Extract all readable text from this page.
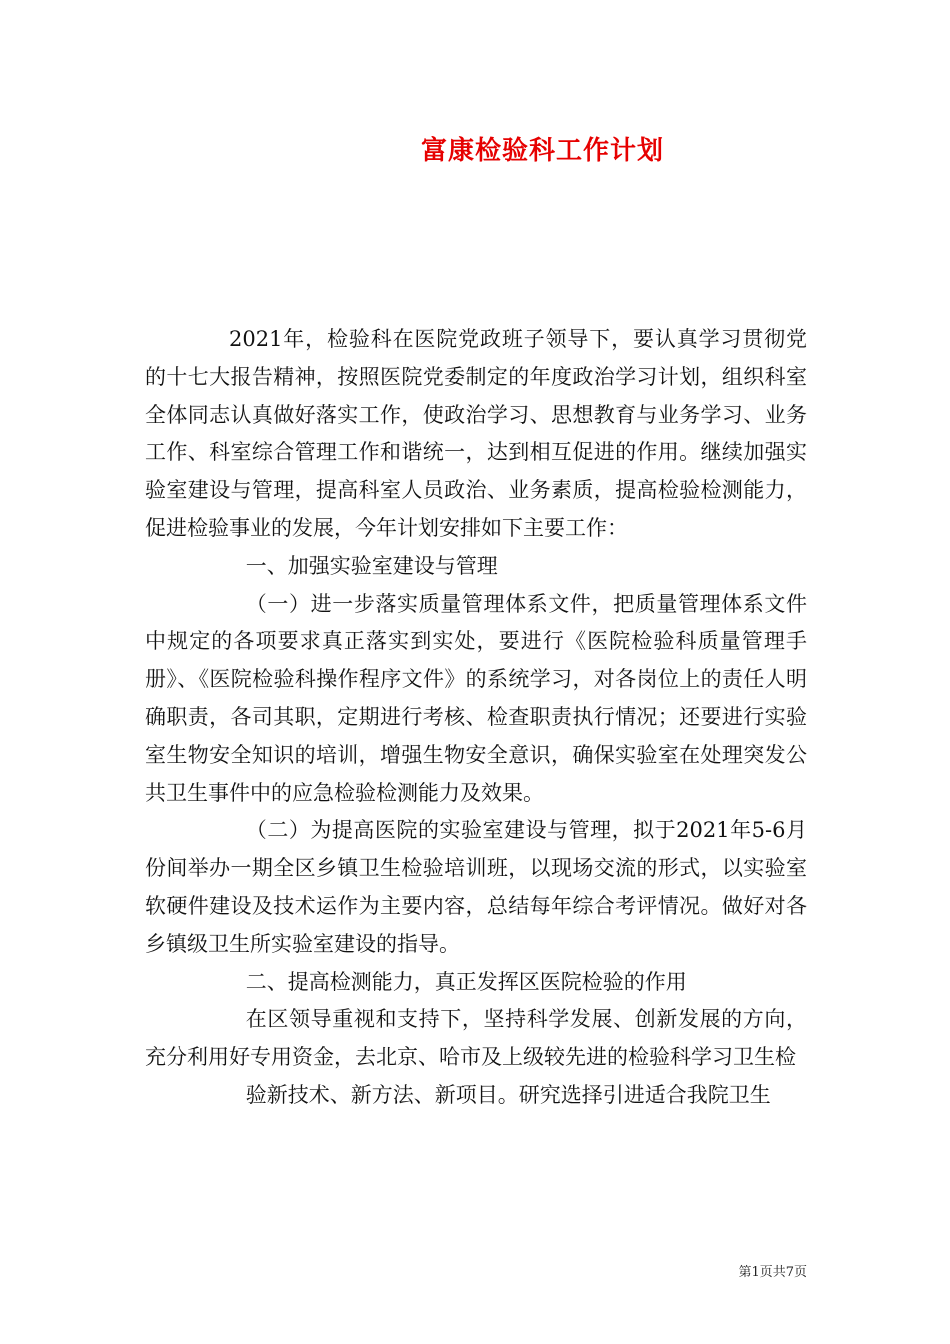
富康检验科工作计划

2021年，检验科在医院党政班子领导下，要认真学习贯彻党的十七大报告精神，按照医院党委制定的年度政治学习计划，组织科室全体同志认真做好落实工作，使政治学习、思想教育与业务学习、业务工作、科室综合管理工作和谐统一，达到相互促进的作用。继续加强实验室建设与管理，提高科室人员政治、业务素质，提高检验检测能力，促进检验事业的发展，今年计划安排如下主要工作：

一、加强实验室建设与管理

（一）进一步落实质量管理体系文件，把质量管理体系文件中规定的各项要求真正落实到实处，要进行《医院检验科质量管理手册》、《医院检验科操作程序文件》的系统学习，对各岗位上的责任人明确职责，各司其职，定期进行考核、检查职责执行情况；还要进行实验室生物安全知识的培训，增强生物安全意识，确保实验室在处理突发公共卫生事件中的应急检验检测能力及效果。

（二）为提高医院的实验室建设与管理，拟于2021年5-6月份间举办一期全区乡镇卫生检验培训班，以现场交流的形式，以实验室软硬件建设及技术运作为主要内容，总结每年综合考评情况。做好对各乡镇级卫生所实验室建设的指导。

二、提高检测能力，真正发挥区医院检验的作用

在区领导重视和支持下，坚持科学发展、创新发展的方向，充分利用好专用资金，去北京、哈市及上级较先进的检验科学习卫生检

验新技术、新方法、新项目。研究选择引进适合我院卫生

第1页共7页
